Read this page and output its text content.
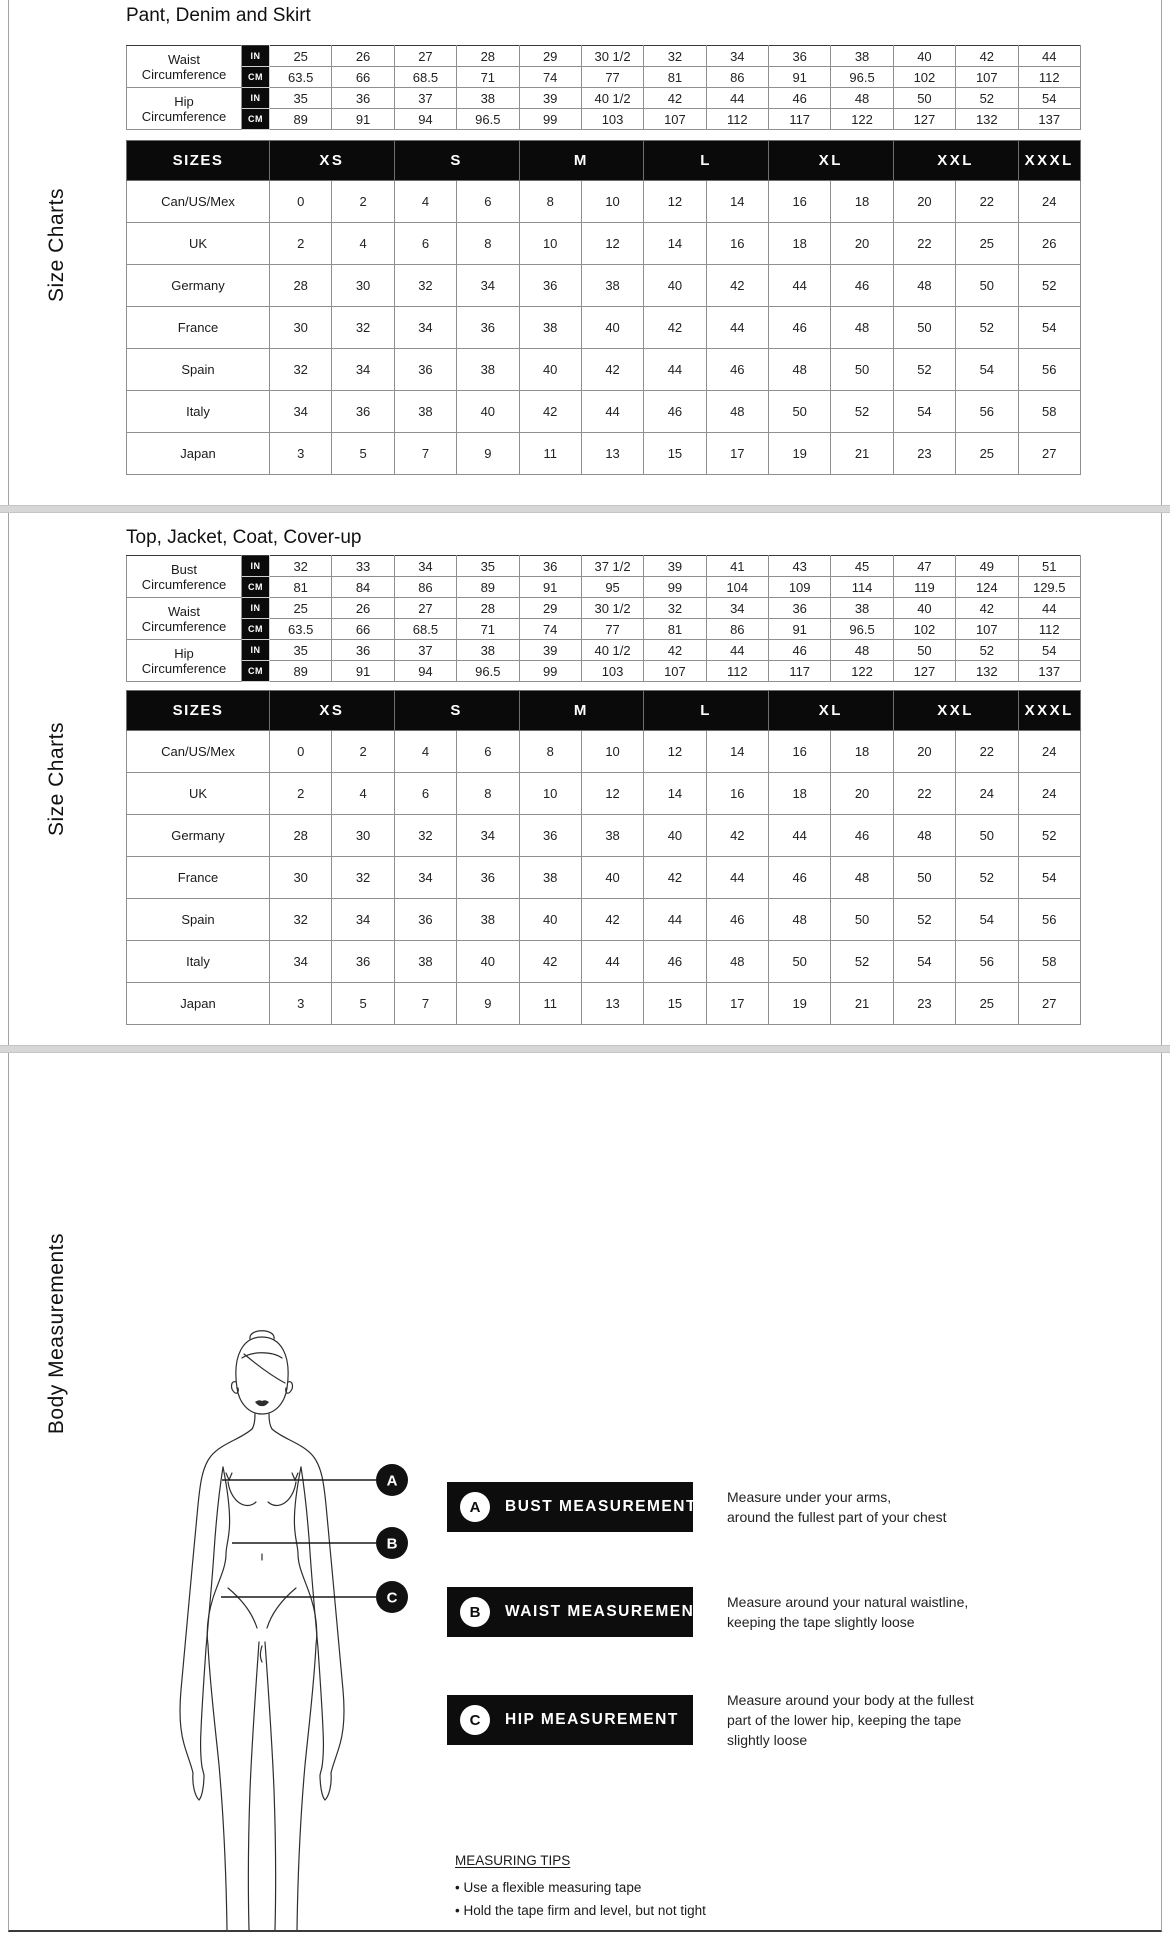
Size Charts
Pant, Denim and Skirt
Waist
Circumference	IN	25	26	27	28	29	30 1/2	32	34	36	38	40	42	44
	CM	63.5	66	68.5	71	74	77	81	86	91	96.5	102	107	112

Hip
Circumference	IN	35	36	37	38	39	40 1/2	42	44	46	48	50	52	54
	CM	89	91	94	96.5	99	103	107	112	117	122	127	132	137
SIZES	XS		S		M		L		XL		XXL		XXXL
Can/US/Mex	0	2	4	6	8	10	12	14	16	18	20	22	24
UK	2	4	6	8	10	12	14	16	18	20	22	25	26
Germany	28	30	32	34	36	38	40	42	44	46	48	50	52
France	30	32	34	36	38	40	42	44	46	48	50	52	54
Spain	32	34	36	38	40	42	44	46	48	50	52	54	56
Italy	34	36	38	40	42	44	46	48	50	52	54	56	58
Japan	3	5	7	9	11	13	15	17	19	21	23	25	27
Size Charts
Top, Jacket, Coat, Cover-up
Bust
Circumference	IN	32	33	34	35	36	37 1/2	39	41	43	45	47	49	51
	CM	81	84	86	89	91	95	99	104	109	114	119	124	129.5

Waist
Circumference	IN	25	26	27	28	29	30 1/2	32	34	36	38	40	42	44
	CM	63.5	66	68.5	71	74	77	81	86	91	96.5	102	107	112

Hip
Circumference	IN	35	36	37	38	39	40 1/2	42	44	46	48	50	52	54
	CM	89	91	94	96.5	99	103	107	112	117	122	127	132	137
SIZES	XS		S		M		L		XL		XXL		XXXL
Can/US/Mex	0	2	4	6	8	10	12	14	16	18	20	22	24
UK	2	4	6	8	10	12	14	16	18	20	22	24	24
Germany	28	30	32	34	36	38	40	42	44	46	48	50	52
France	30	32	34	36	38	40	42	44	46	48	50	52	54
Spain	32	34	36	38	40	42	44	46	48	50	52	54	56
Italy	34	36	38	40	42	44	46	48	50	52	54	56	58
Japan	3	5	7	9	11	13	15	17	19	21	23	25	27
Body Measurements
A
B
C
A	BUST MEASUREMENT
Measure under your arms,
around the fullest part of your chest
B	WAIST MEASUREMENT
Measure around your natural waistline,
keeping the tape slightly loose
C	HIP MEASUREMENT
Measure around your body at the fullest
part of the lower hip, keeping the tape
slightly loose
MEASURING TIPS
• Use a flexible measuring tape
• Hold the tape firm and level, but not tight
